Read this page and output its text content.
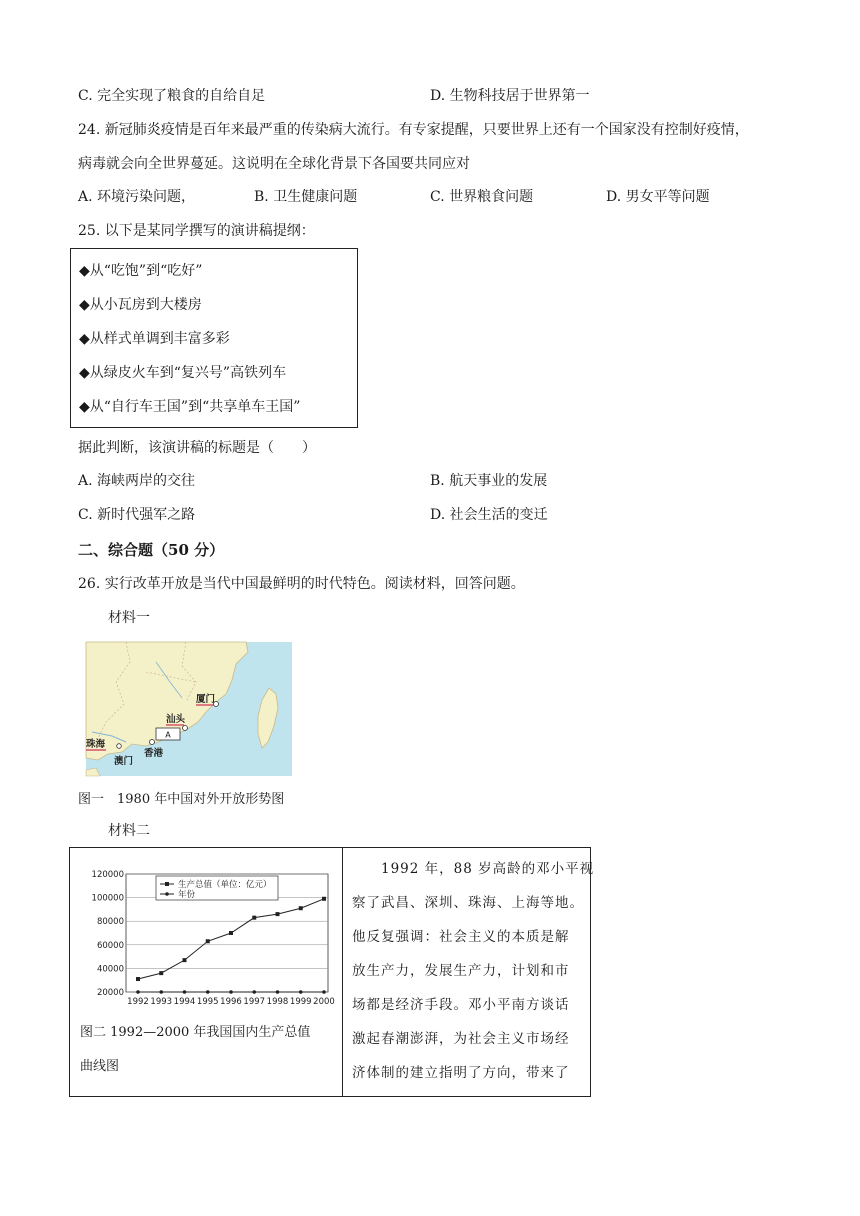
C. 完全实现了粮食的自给自足	D. 生物科技居于世界第一
24. 新冠肺炎疫情是百年来最严重的传染病大流行。有专家提醒，只要世界上还有一个国家没有控制好疫情，
病毒就会向全世界蔓延。这说明在全球化背景下各国要共同应对
A. 环境污染问题，	B. 卫生健康问题	C. 世界粮食问题	D. 男女平等问题
25. 以下是某同学撰写的演讲稿提纲：
◆从“吃饱”到“吃好”
◆从小瓦房到大楼房
◆从样式单调到丰富多彩
◆从绿皮火车到“复兴号”高铁列车
◆从“自行车王国”到“共享单车王国”
据此判断，该演讲稿的标题是（　　）
A. 海峡两岸的交往	B. 航天事业的发展
C. 新时代强军之路	D. 社会生活的变迁
二、综合题（50 分）
26. 实行改革开放是当代中国最鲜明的时代特色。阅读材料，回答问题。
材料一
厦门
汕头
A
珠海
香港
澳门
图一　1980 年中国对外开放形势图
材料二
120000
100000
80000
60000
40000
20000
1992 1993 1994 1995 1996 1997 1998 1999 2000
生产总值（单位：亿元）
年份
图二 1992—2000 年我国国内生产总值
曲线图
　　1992 年，88 岁高龄的邓小平视
察了武昌、深圳、珠海、上海等地。
他反复强调：社会主义的本质是解
放生产力，发展生产力，计划和市
场都是经济手段。邓小平南方谈话
激起春潮澎湃，为社会主义市场经
济体制的建立指明了方向，带来了
